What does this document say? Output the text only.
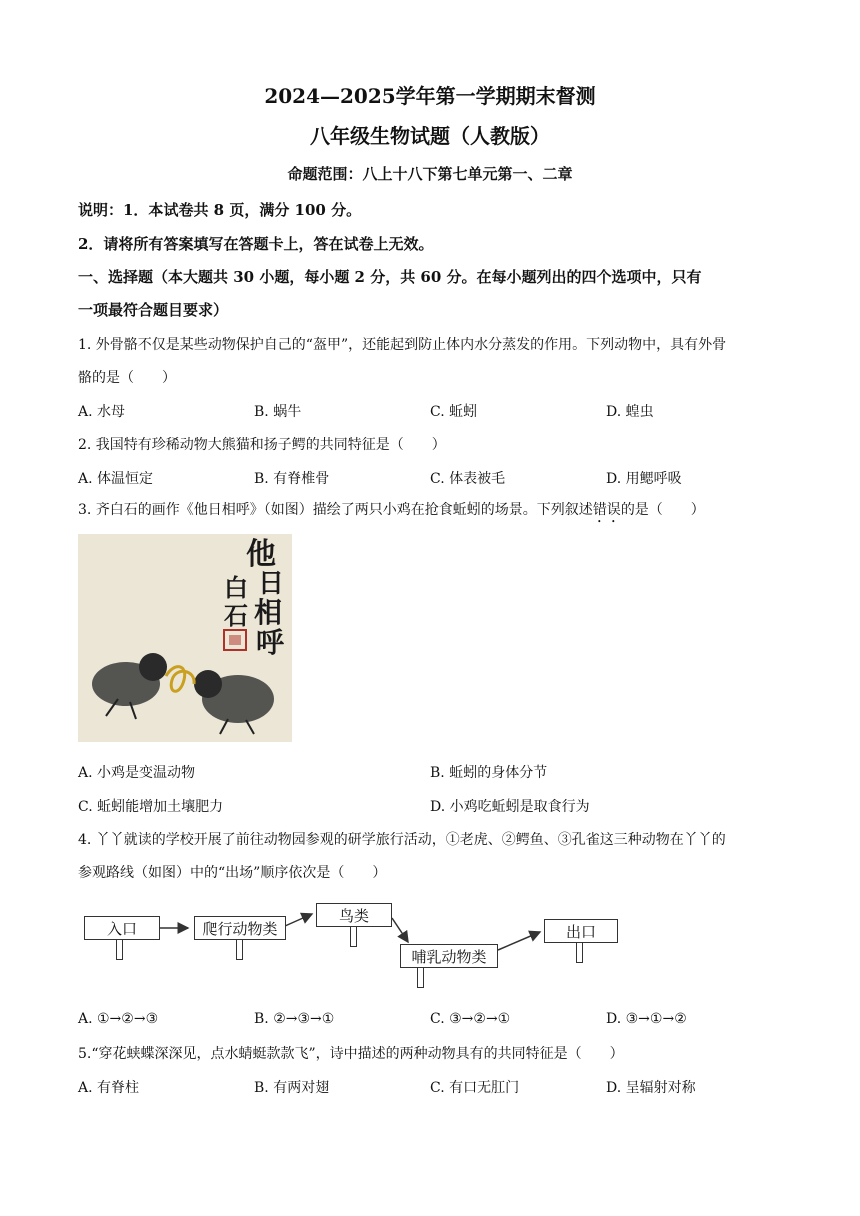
2024—2025学年第一学期期末督测
八年级生物试题（人教版）
命题范围：八上十八下第七单元第一、二章
说明：1．本试卷共 8 页，满分 100 分。
2．请将所有答案填写在答题卡上，答在试卷上无效。
一、选择题（本大题共 30 小题，每小题 2 分，共 60 分。在每小题列出的四个选项中，只有
一项最符合题目要求）
1. 外骨骼不仅是某些动物保护自己的“盔甲”，还能起到防止体内水分蒸发的作用。下列动物中，具有外骨
骼的是（　　）
A. 水母	B. 蜗牛	C. 蚯蚓	D. 蝗虫
2. 我国特有珍稀动物大熊猫和扬子鳄的共同特征是（　　）
A. 体温恒定	B. 有脊椎骨	C. 体表被毛	D. 用鳃呼吸
3. 齐白石的画作《他日相呼》（如图）描绘了两只小鸡在抢食蚯蚓的场景。下列叙述错误的是（　　）
他
日
相
呼
白
石
A. 小鸡是变温动物	B. 蚯蚓的身体分节
C. 蚯蚓能增加土壤肥力	D. 小鸡吃蚯蚓是取食行为
4. 丫丫就读的学校开展了前往动物园参观的研学旅行活动，①老虎、②鳄鱼、③孔雀这三种动物在丫丫的
参观路线（如图）中的“出场”顺序依次是（　　）
入口	爬行动物类
鸟类
哺乳动物类
出口
A. ①→②→③	B. ②→③→①	C. ③→②→①	D. ③→①→②
5.“穿花蛱蝶深深见，点水蜻蜓款款飞”，诗中描述的两种动物具有的共同特征是（　　）
A. 有脊柱	B. 有两对翅	C. 有口无肛门	D. 呈辐射对称
